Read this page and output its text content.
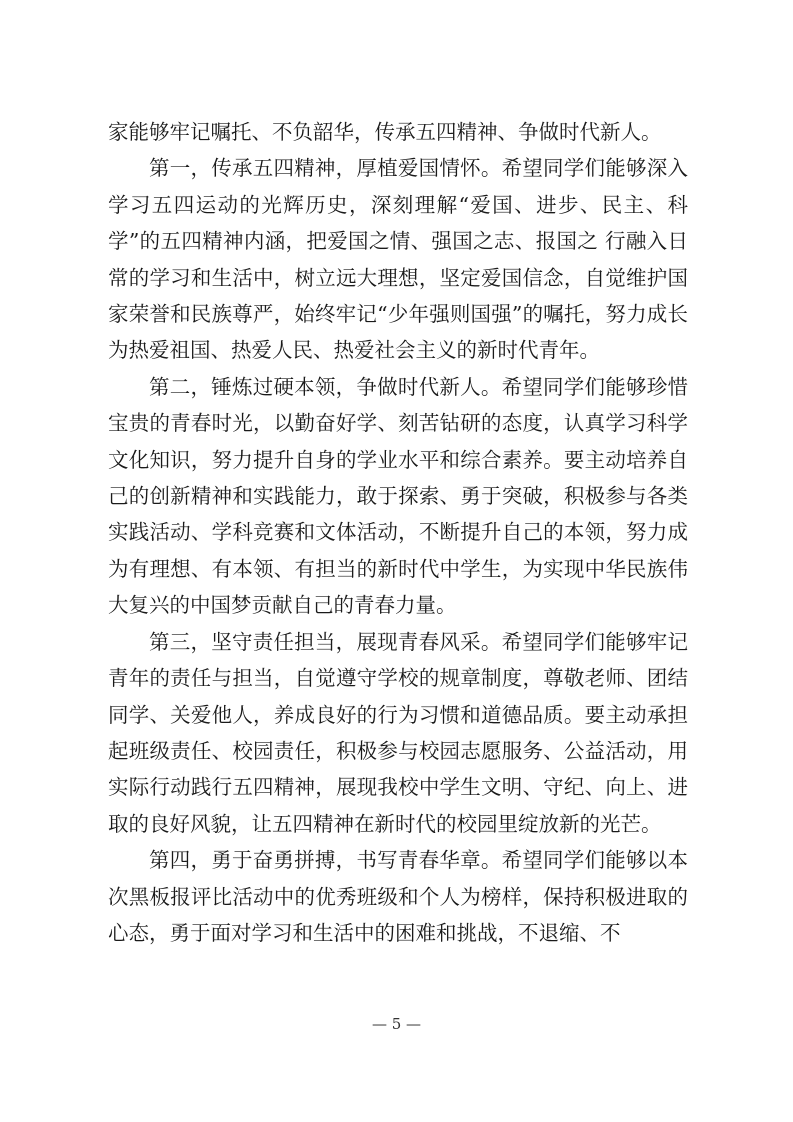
家能够牢记嘱托、不负韶华，传承五四精神、争做时代新人。

第一，传承五四精神，厚植爱国情怀。希望同学们能够深入学习五四运动的光辉历史，深刻理解“爱国、进步、民主、科学”的五四精神内涵，把爱国之情、强国之志、报国之 行融入日常的学习和生活中，树立远大理想，坚定爱国信念，自觉维护国家荣誉和民族尊严，始终牢记“少年强则国强”的嘱托，努力成长为热爱祖国、热爱人民、热爱社会主义的新时代青年。

第二，锤炼过硬本领，争做时代新人。希望同学们能够珍惜宝贵的青春时光，以勤奋好学、刻苦钻研的态度，认真学习科学文化知识，努力提升自身的学业水平和综合素养。要主动培养自己的创新精神和实践能力，敢于探索、勇于突破，积极参与各类实践活动、学科竞赛和文体活动，不断提升自己的本领，努力成为有理想、有本领、有担当的新时代中学生，为实现中华民族伟大复兴的中国梦贡献自己的青春力量。

第三，坚守责任担当，展现青春风采。希望同学们能够牢记青年的责任与担当，自觉遵守学校的规章制度，尊敬老师、团结同学、关爱他人，养成良好的行为习惯和道德品质。要主动承担起班级责任、校园责任，积极参与校园志愿服务、公益活动，用实际行动践行五四精神，展现我校中学生文明、守纪、向上、进取的良好风貌，让五四精神在新时代的校园里绽放新的光芒。

第四，勇于奋勇拼搏，书写青春华章。希望同学们能够以本次黑板报评比活动中的优秀班级和个人为榜样，保持积极进取的心态，勇于面对学习和生活中的困难和挑战，不退缩、不

— 5 —
